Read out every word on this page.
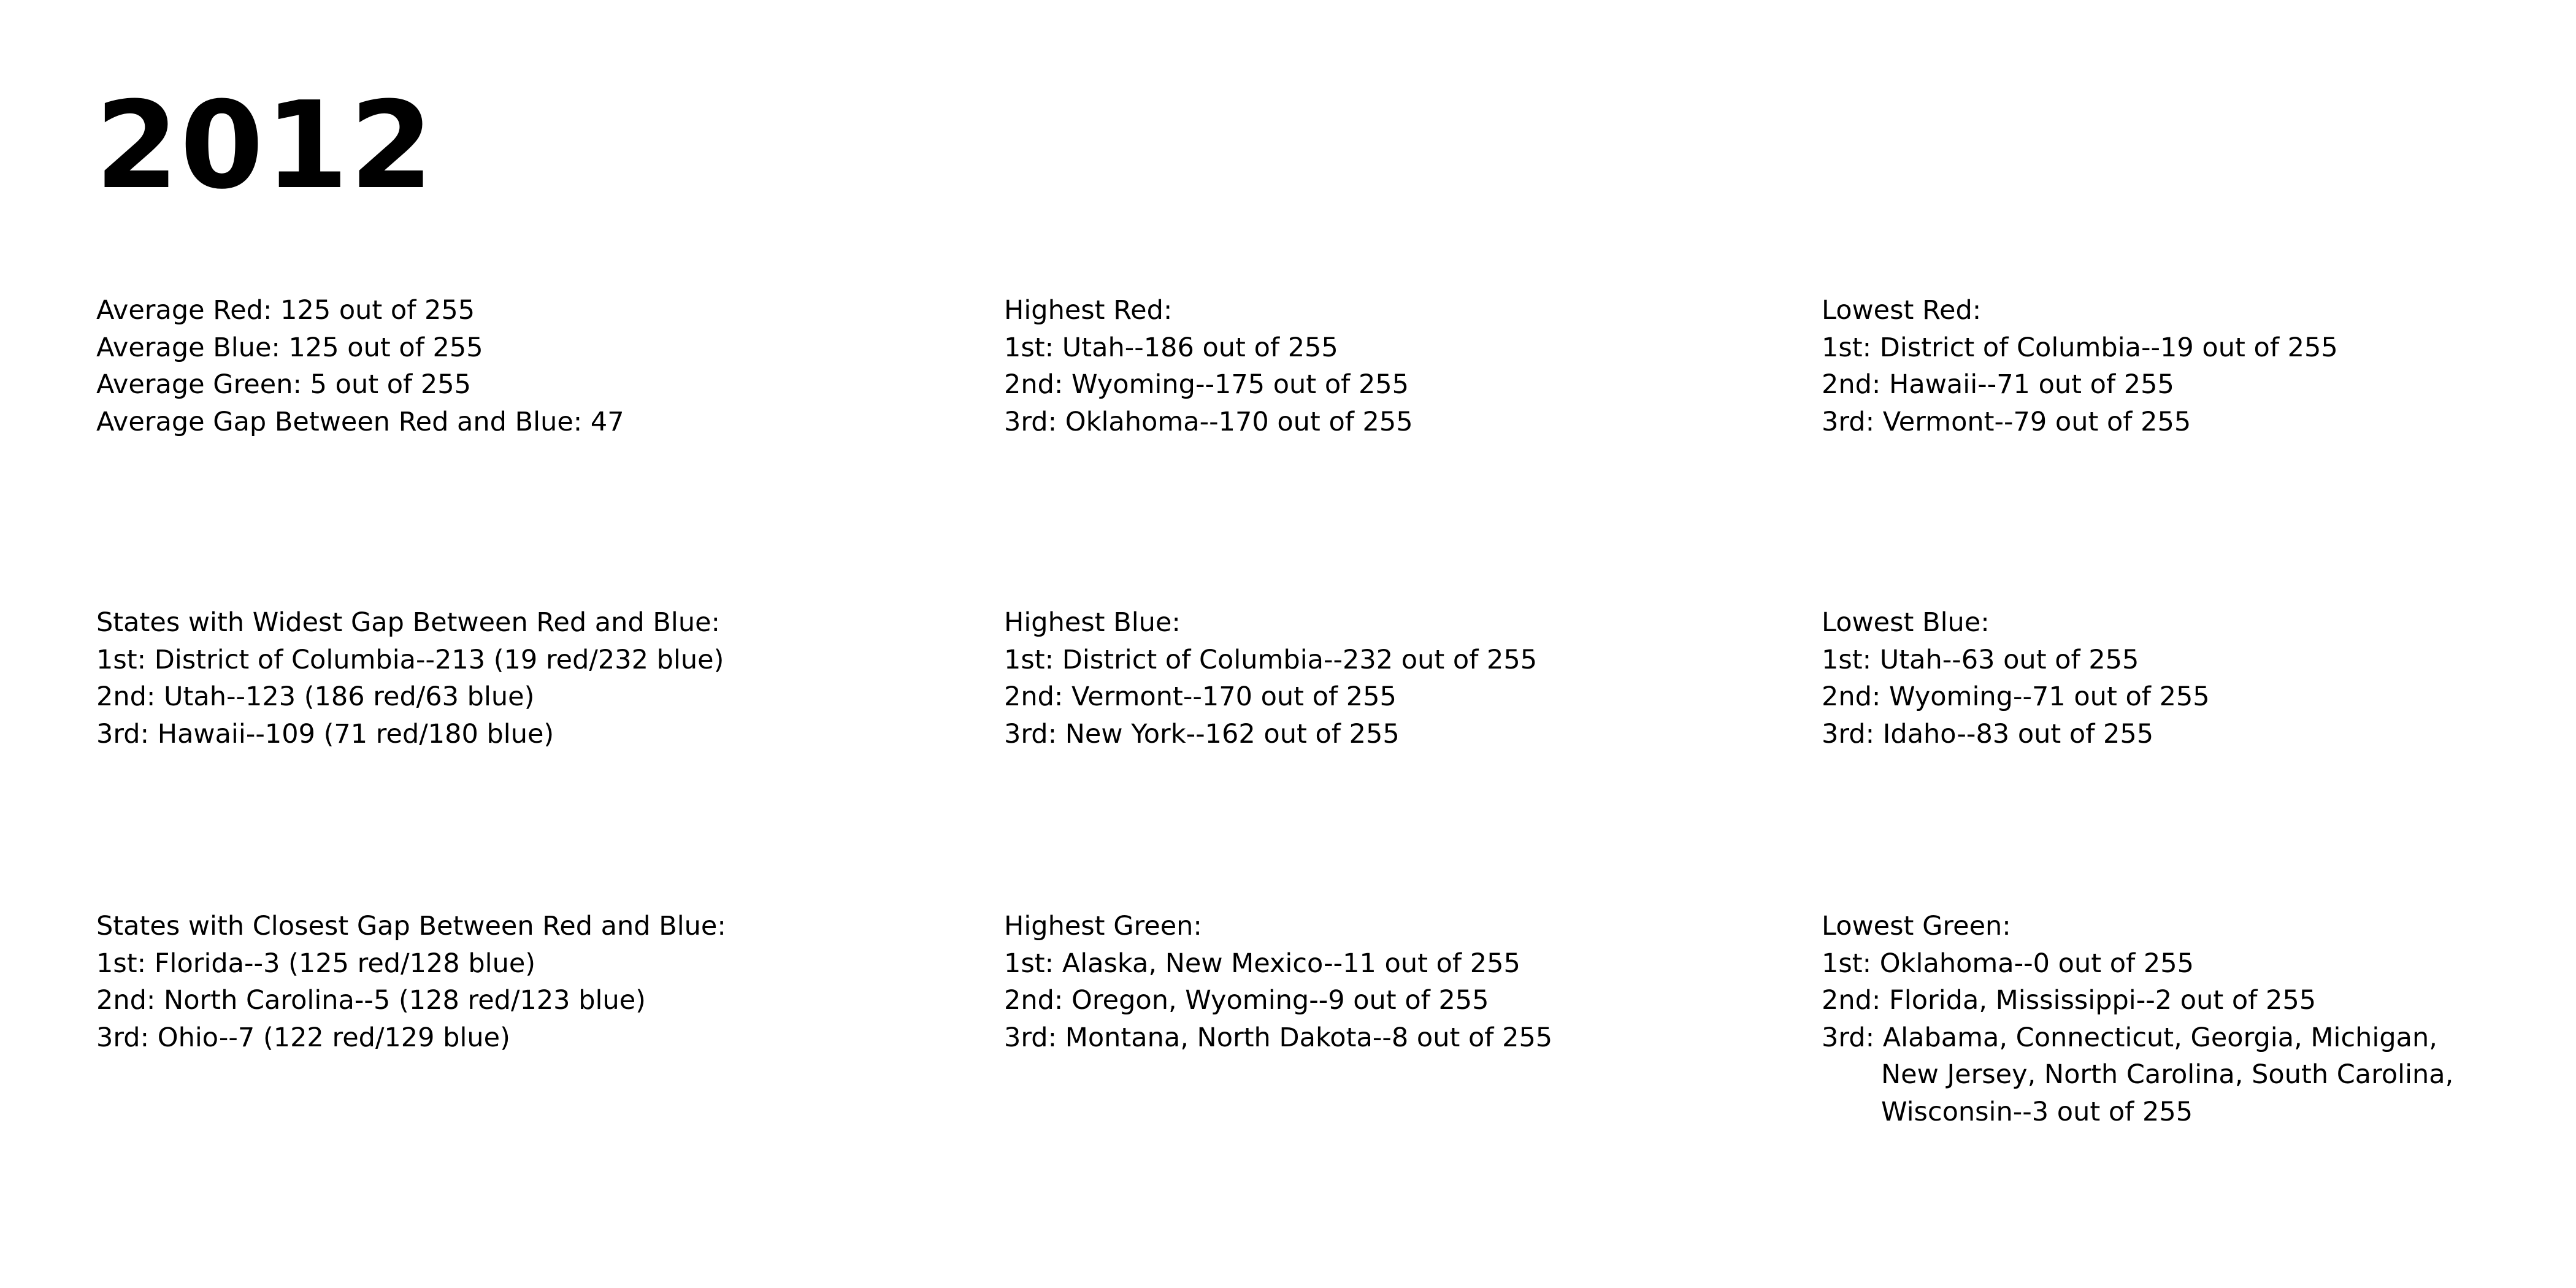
2012
Average Red: 125 out of 255
Average Blue: 125 out of 255
Average Green: 5 out of 255
Average Gap Between Red and Blue: 47
Highest Red:
1st: Utah--186 out of 255
2nd: Wyoming--175 out of 255
3rd: Oklahoma--170 out of 255
Lowest Red:
1st: District of Columbia--19 out of 255
2nd: Hawaii--71 out of 255
3rd: Vermont--79 out of 255
States with Widest Gap Between Red and Blue:
1st: District of Columbia--213 (19 red/232 blue)
2nd: Utah--123 (186 red/63 blue)
3rd: Hawaii--109 (71 red/180 blue)
Highest Blue:
1st: District of Columbia--232 out of 255
2nd: Vermont--170 out of 255
3rd: New York--162 out of 255
Lowest Blue:
1st: Utah--63 out of 255
2nd: Wyoming--71 out of 255
3rd: Idaho--83 out of 255
States with Closest Gap Between Red and Blue:
1st: Florida--3 (125 red/128 blue)
2nd: North Carolina--5 (128 red/123 blue)
3rd: Ohio--7 (122 red/129 blue)
Highest Green:
1st: Alaska, New Mexico--11 out of 255
2nd: Oregon, Wyoming--9 out of 255
3rd: Montana, North Dakota--8 out of 255
Lowest Green:
1st: Oklahoma--0 out of 255
2nd: Florida, Mississippi--2 out of 255
3rd: Alabama, Connecticut, Georgia, Michigan,
New Jersey, North Carolina, South Carolina,
Wisconsin--3 out of 255
